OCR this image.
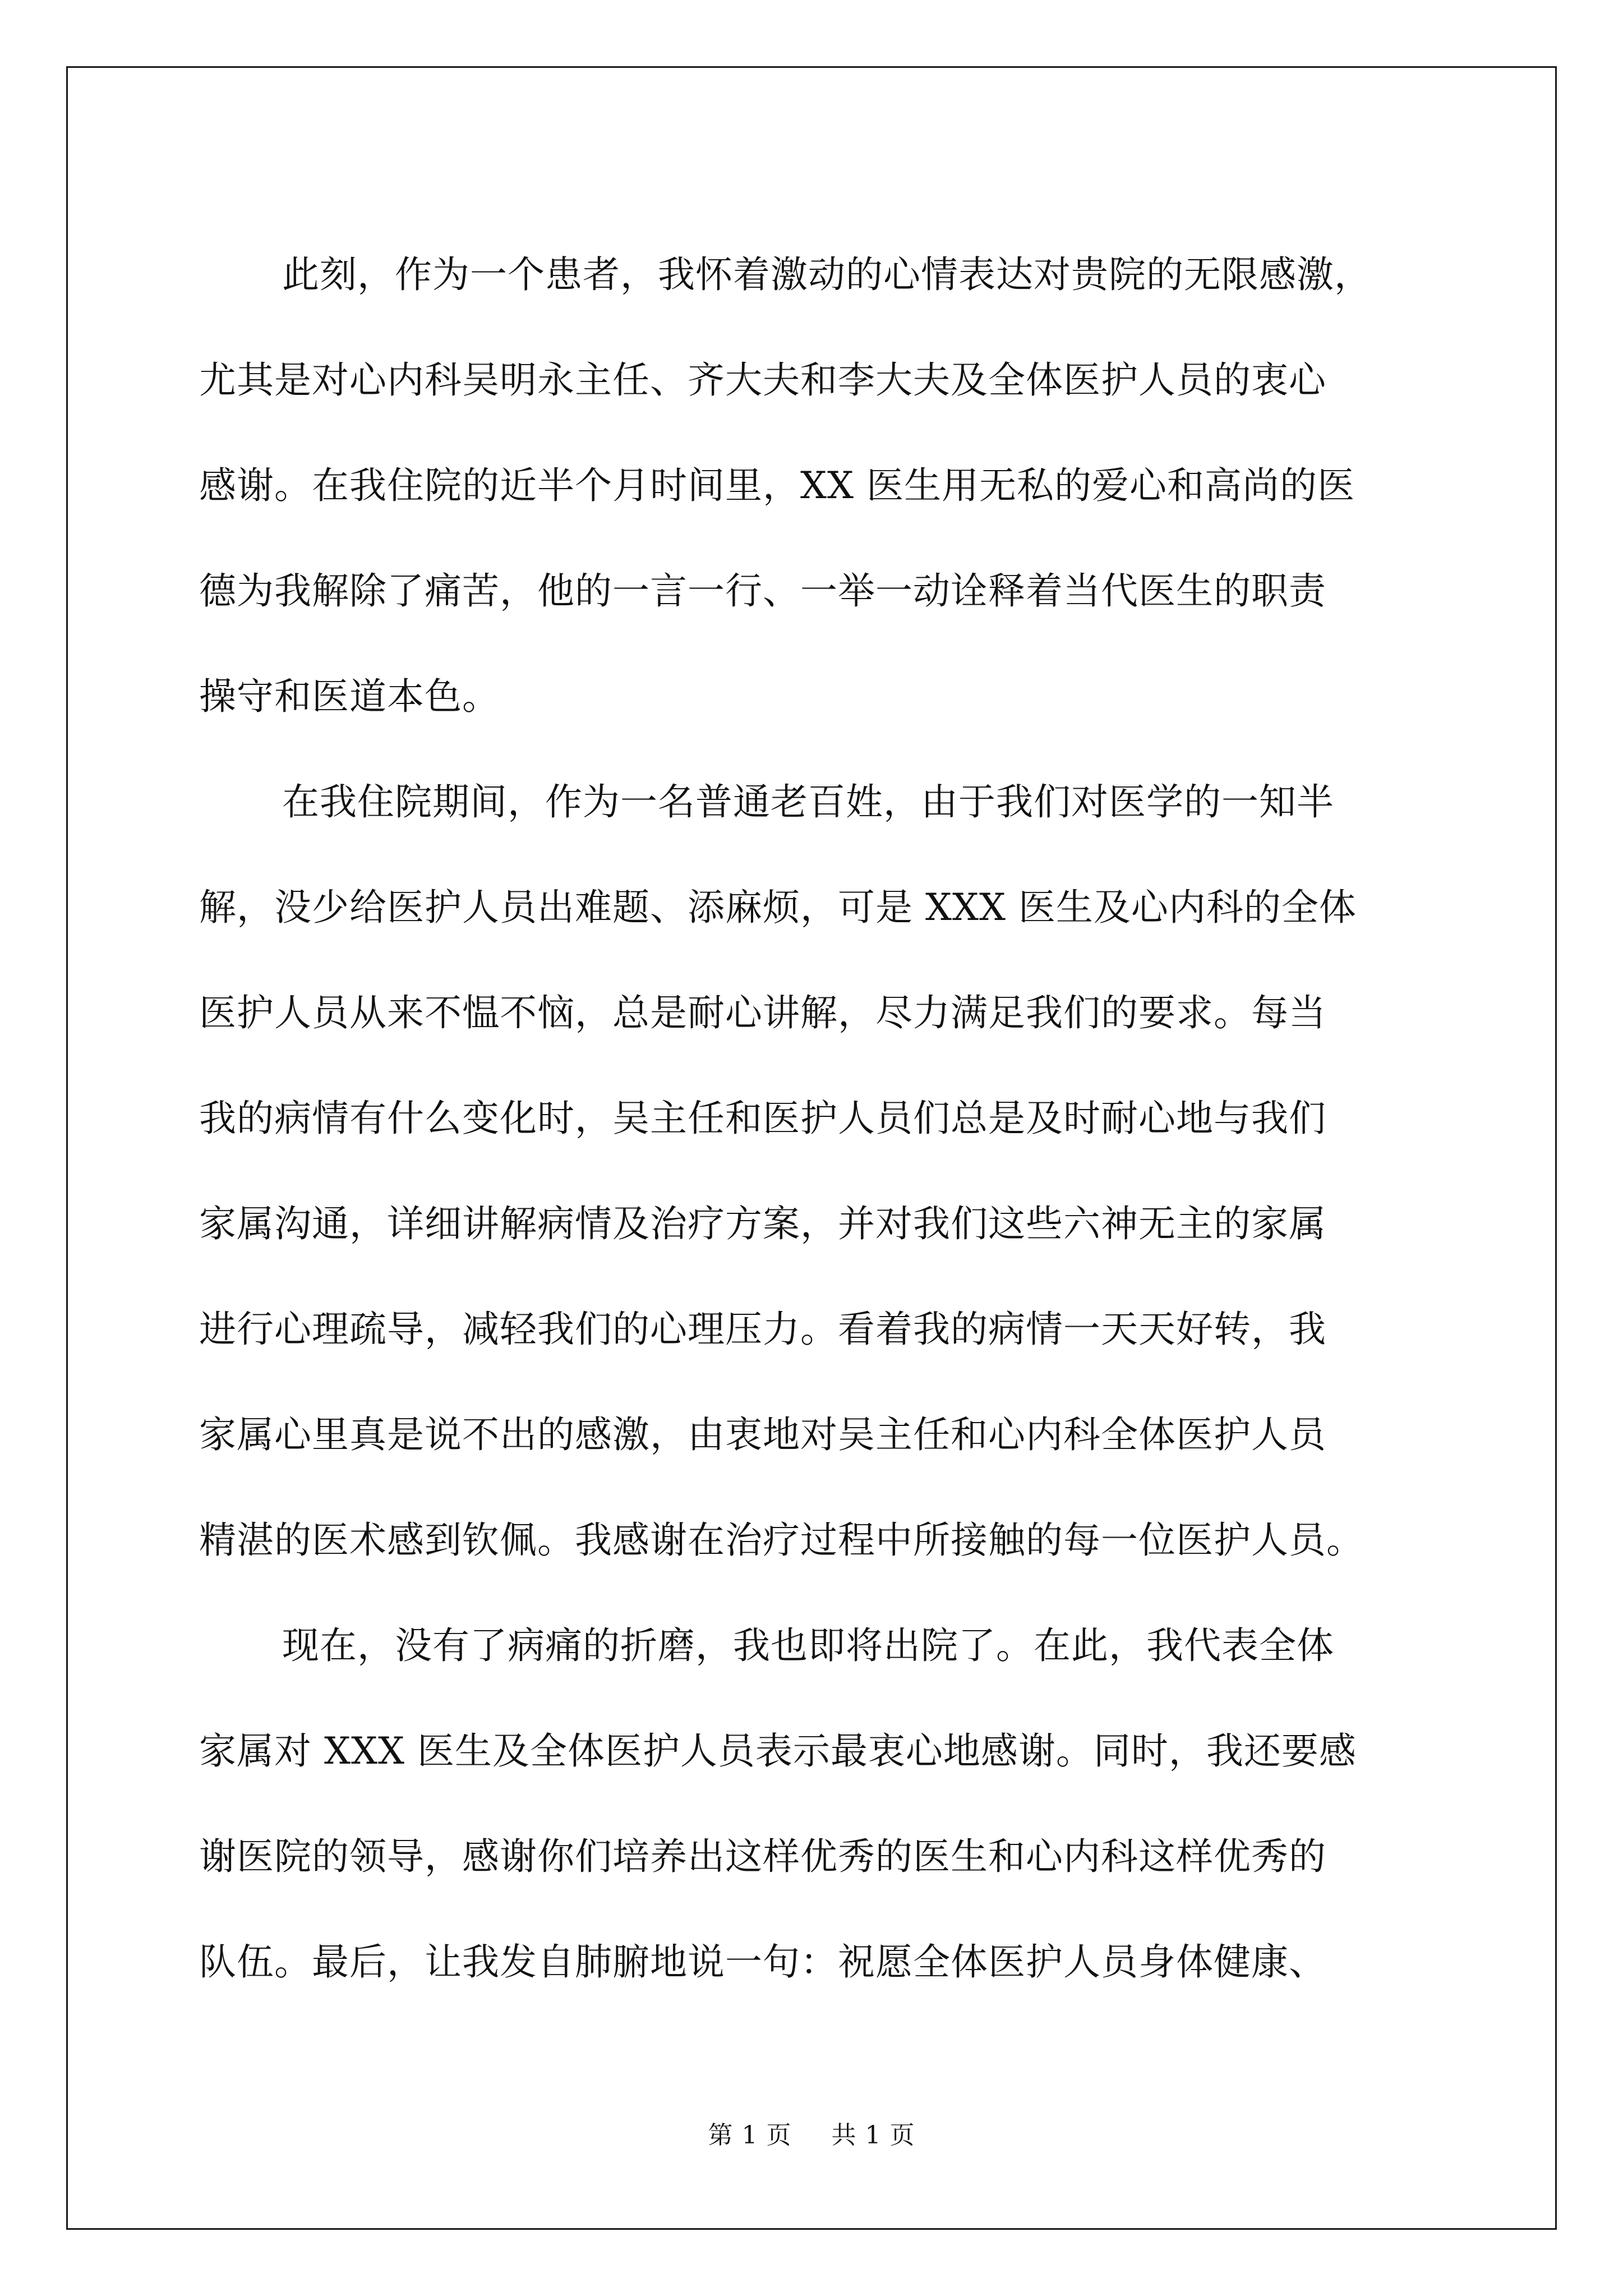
此刻，作为一个患者，我怀着激动的心情表达对贵院的无限感激，
尤其是对心内科吴明永主任、齐大夫和李大夫及全体医护人员的衷心
感谢。在我住院的近半个月时间里，XX 医生用无私的爱心和高尚的医
德为我解除了痛苦，他的一言一行、一举一动诠释着当代医生的职责
操守和医道本色。
在我住院期间，作为一名普通老百姓，由于我们对医学的一知半
解，没少给医护人员出难题、添麻烦，可是 XXX 医生及心内科的全体
医护人员从来不愠不恼，总是耐心讲解，尽力满足我们的要求。每当
我的病情有什么变化时，吴主任和医护人员们总是及时耐心地与我们
家属沟通，详细讲解病情及治疗方案，并对我们这些六神无主的家属
进行心理疏导，减轻我们的心理压力。看着我的病情一天天好转，我
家属心里真是说不出的感激，由衷地对吴主任和心内科全体医护人员
精湛的医术感到钦佩。我感谢在治疗过程中所接触的每一位医护人员。
现在，没有了病痛的折磨，我也即将出院了。在此，我代表全体
家属对 XXX 医生及全体医护人员表示最衷心地感谢。同时，我还要感
谢医院的领导，感谢你们培养出这样优秀的医生和心内科这样优秀的
队伍。最后，让我发自肺腑地说一句：祝愿全体医护人员身体健康、
第 1 页 共 1 页
